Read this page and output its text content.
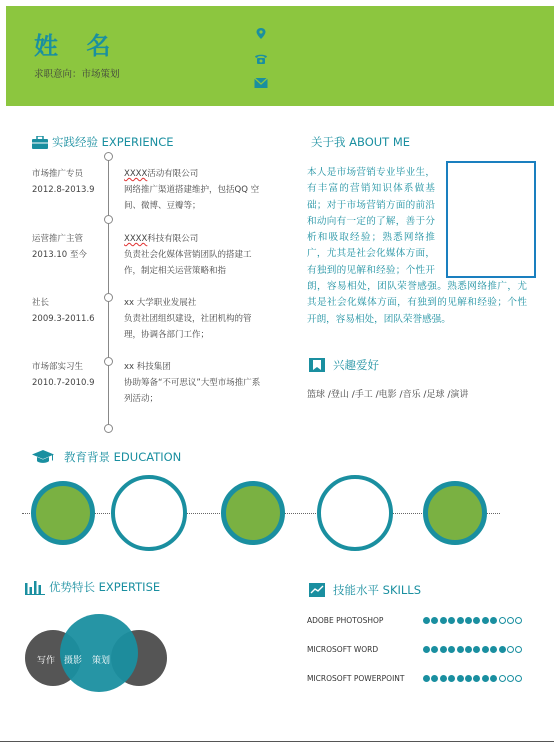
姓 名
求职意向：市场策划
实践经验 EXPERIENCE
市场推广专员
2012.8-2013.9
XXXX活动有限公司
网络推广渠道搭建维护，包括QQ 空间、微博、豆瓣等；
运营推广主管
2013.10 至今
XXXX科技有限公司
负责社会化媒体营销团队的搭建工作，制定相关运营策略和指
社长
2009.3-2011.6
xx 大学职业发展社
负责社团组织建设，社团机构的管理，协调各部门工作；
市场部实习生
2010.7-2010.9
xx 科技集团
协助筹备“不可思议”大型市场推广系列活动；
关于我 ABOUT ME
本人是市场营销专业毕业生，有丰富的营销知识体系做基础；对于市场营销方面的前沿和动向有一定的了解，善于分析和吸取经验；熟悉网络推广，尤其是社会化媒体方面，有独到的见解和经验；个性开朗，容易相处，团队荣誉感强。熟悉网络推广，尤其是社会化媒体方面，有独到的见解和经验；个性开朗，容易相处，团队荣誉感强。
兴趣爱好
篮球 /登山 /手工 /电影 /音乐 /足球 /演讲
教育背景 EDUCATION
优势特长 EXPERTISE
写作 摄影 策划
技能水平 SKILLS
ADOBE PHOTOSHOP
MICROSOFT WORD
MICROSOFT POWERPOINT
